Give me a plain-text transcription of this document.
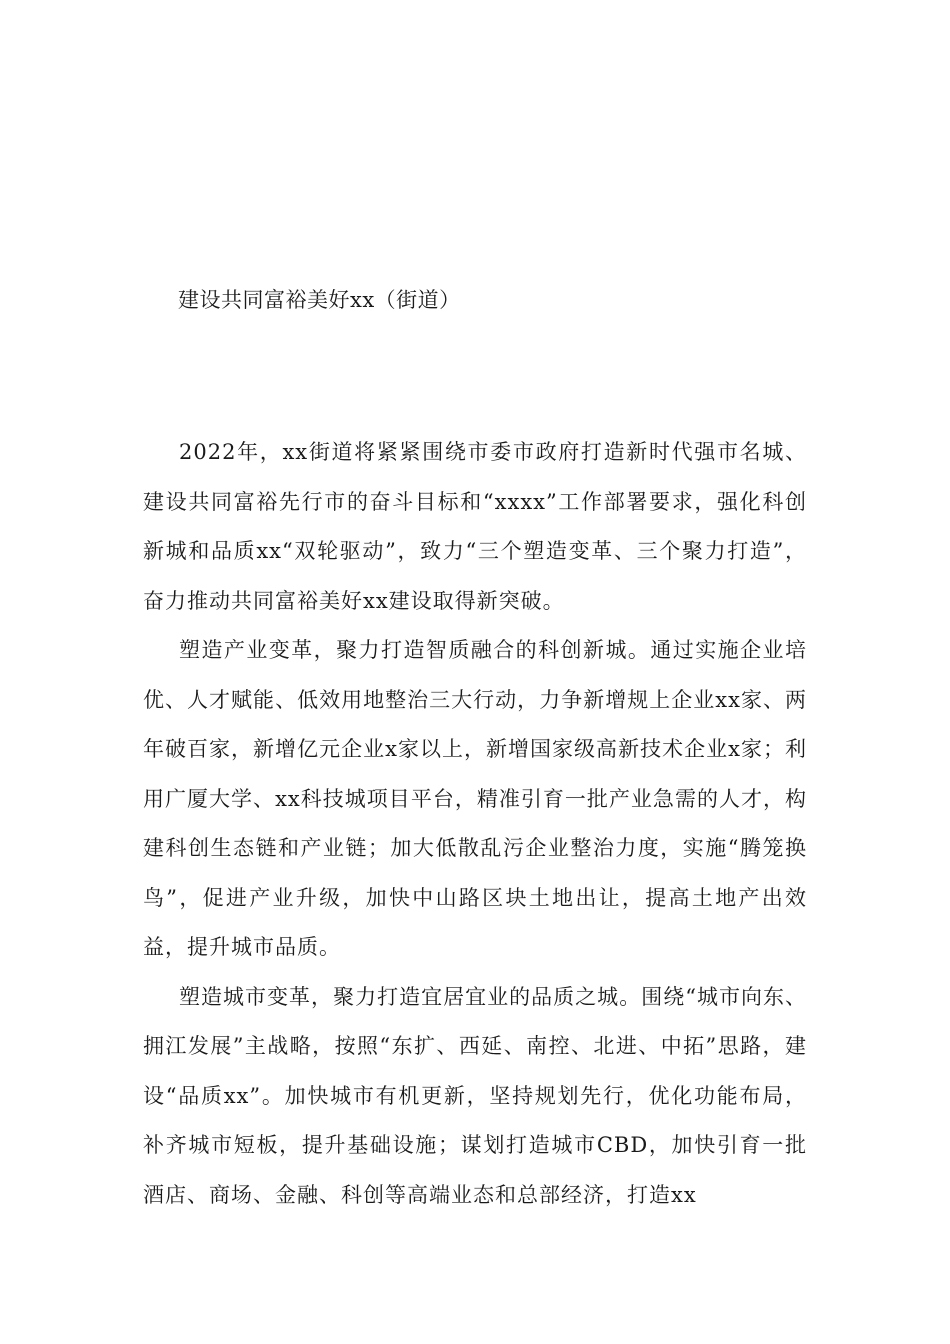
建设共同富裕美好xx（街道）

2022年，xx街道将紧紧围绕市委市政府打造新时代强市名城、建设共同富裕先行市的奋斗目标和“xxxx”工作部署要求，强化科创新城和品质xx“双轮驱动”，致力“三个塑造变革、三个聚力打造”，奋力推动共同富裕美好xx建设取得新突破。

塑造产业变革，聚力打造智质融合的科创新城。通过实施企业培优、人才赋能、低效用地整治三大行动，力争新增规上企业xx家、两年破百家，新增亿元企业x家以上，新增国家级高新技术企业x家；利用广厦大学、xx科技城项目平台，精准引育一批产业急需的人才，构建科创生态链和产业链；加大低散乱污企业整治力度，实施“腾笼换鸟”，促进产业升级，加快中山路区块土地出让，提高土地产出效益，提升城市品质。

塑造城市变革，聚力打造宜居宜业的品质之城。围绕“城市向东、拥江发展”主战略，按照“东扩、西延、南控、北进、中拓”思路，建设“品质xx”。加快城市有机更新，坚持规划先行，优化功能布局，补齐城市短板，提升基础设施；谋划打造城市CBD，加快引育一批酒店、商场、金融、科创等高端业态和总部经济，打造xx
